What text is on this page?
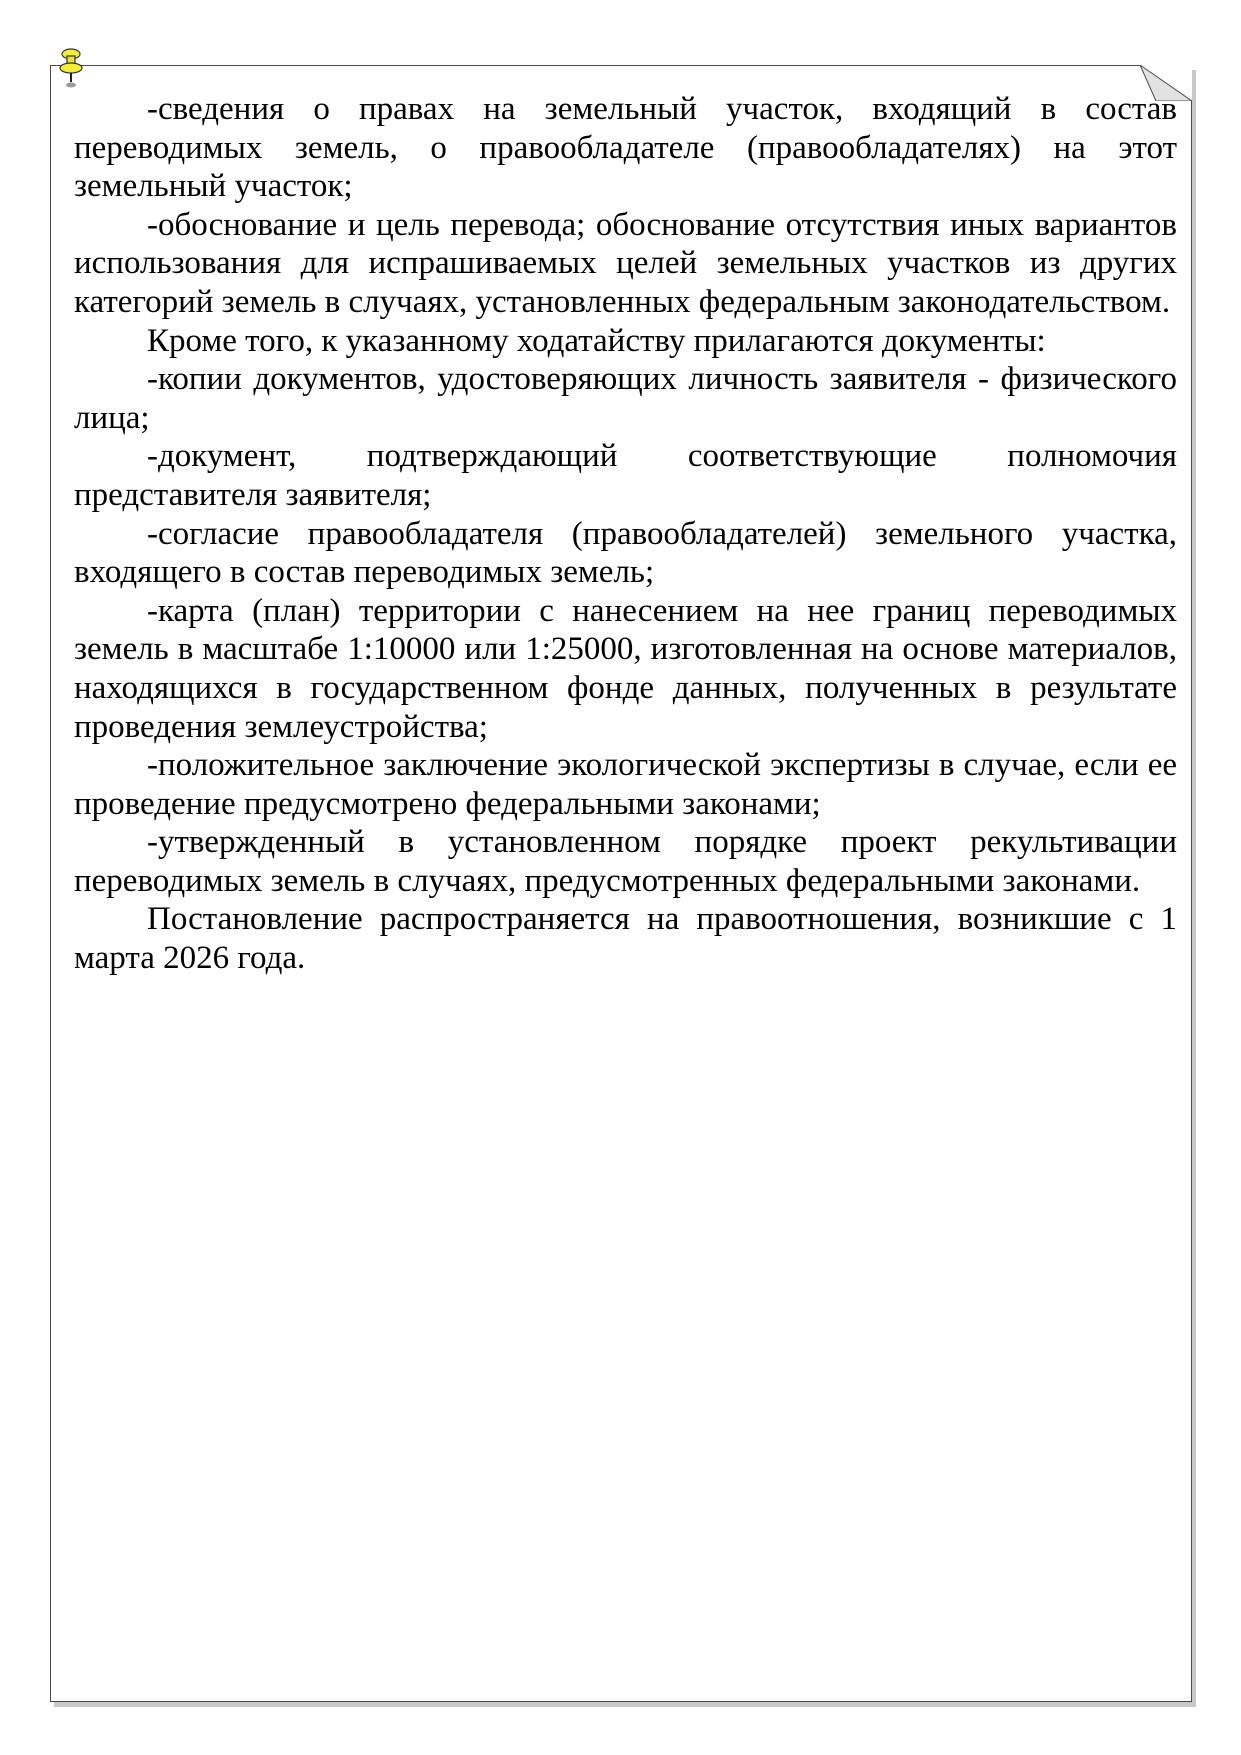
-сведения о правах на земельный участок, входящий в состав переводимых земель, о правообладателе (правообладателях) на этот земельный участок;

-обоснование и цель перевода; обоснование отсутствия иных вариантов использования для испрашиваемых целей земельных участков из других категорий земель в случаях, установленных федеральным законодательством.

Кроме того, к указанному ходатайству прилагаются документы:

-копии документов, удостоверяющих личность заявителя - физического лица;

-документ, подтверждающий соответствующие полномочия представителя заявителя;

-согласие правообладателя (правообладателей) земельного участка, входящего в состав переводимых земель;

-карта (план) территории с нанесением на нее границ переводимых земель в масштабе 1:10000 или 1:25000, изготовленная на основе материалов, находящихся в государственном фонде данных, полученных в результате проведения землеустройства;

-положительное заключение экологической экспертизы в случае, если ее проведение предусмотрено федеральными законами;

-утвержденный в установленном порядке проект рекультивации переводимых земель в случаях, предусмотренных федеральными законами.

Постановление распространяется на правоотношения, возникшие с 1 марта 2026 года.
